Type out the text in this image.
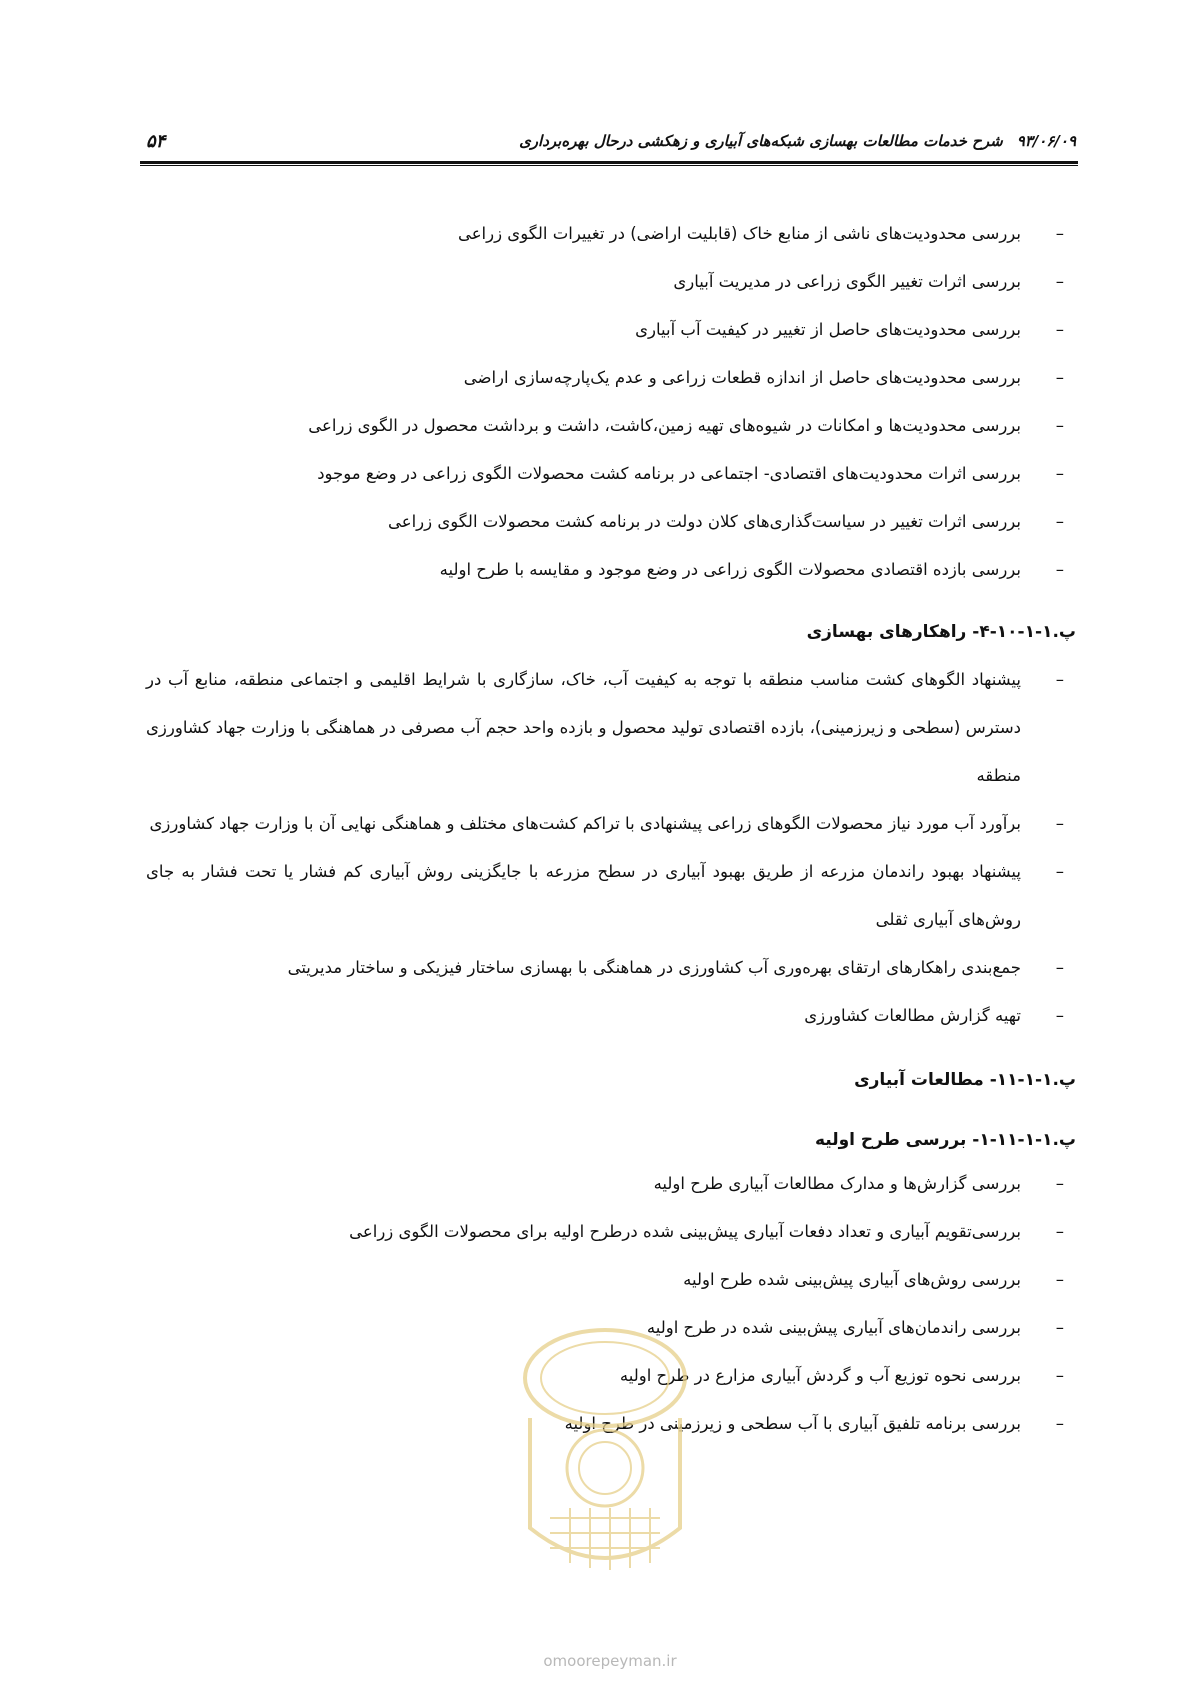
۹۳/۰۶/۰۹
شرح خدمات مطالعات بهسازی شبکه‌های آبیاری و زهکشی درحال بهره‌برداری
۵۴
– بررسی محدودیت‌های ناشی از منابع خاک (قابلیت اراضی) در تغییرات الگوی زراعی
– بررسی اثرات تغییر الگوی زراعی در مدیریت آبیاری
– بررسی محدودیت‌های حاصل از تغییر در کیفیت آب آبیاری
– بررسی محدودیت‌های حاصل از اندازه قطعات زراعی و عدم یک‌پارچه‌سازی اراضی
– بررسی محدودیت‌ها و امکانات در شیوه‌های تهیه زمین،کاشت، داشت و برداشت محصول در الگوی زراعی
– بررسی اثرات محدودیت‌های اقتصادی- اجتماعی در برنامه کشت محصولات الگوی زراعی در وضع موجود
– بررسی اثرات تغییر در سیاست‌گذاری‌های کلان دولت در برنامه کشت محصولات الگوی زراعی
– بررسی بازده اقتصادی محصولات الگوی زراعی در وضع موجود و مقایسه با طرح اولیه
پ.۱-۱-۱۰-۴- راهکارهای بهسازی
– پیشنهاد الگوهای کشت مناسب منطقه با توجه به کیفیت آب، خاک، سازگاری با شرایط اقلیمی و اجتماعی منطقه، منابع آب در دسترس (سطحی و زیرزمینی)، بازده اقتصادی تولید محصول و بازده واحد حجم آب مصرفی در هماهنگی با وزارت جهاد کشاورزی منطقه
– برآورد آب مورد نیاز محصولات الگوهای زراعی پیشنهادی با تراکم کشت‌های مختلف و هماهنگی نهایی آن با وزارت جهاد کشاورزی
– پیشنهاد بهبود راندمان مزرعه از طریق بهبود آبیاری در سطح مزرعه با جایگزینی روش آبیاری کم فشار یا تحت فشار به جای روش‌های آبیاری ثقلی
– جمع‌بندی راهکارهای ارتقای بهره‌وری آب کشاورزی در هماهنگی با بهسازی ساختار فیزیکی و ساختار مدیریتی
– تهیه گزارش مطالعات کشاورزی
پ.۱-۱-۱۱- مطالعات آبیاری
پ.۱-۱-۱۱-۱- بررسی طرح اولیه
– بررسی گزارش‌ها و مدارک مطالعات آبیاری طرح اولیه
– بررسی‌تقویم آبیاری و تعداد دفعات آبیاری پیش‌بینی شده درطرح اولیه برای محصولات الگوی زراعی
– بررسی روش‌های آبیاری پیش‌بینی شده طرح اولیه
– بررسی راندمان‌های آبیاری پیش‌بینی شده در طرح اولیه
– بررسی نحوه توزیع آب و گردش آبیاری مزارع در طرح اولیه
– بررسی برنامه تلفیق آبیاری با آب سطحی و زیرزمینی در طرح اولیه
omoorepeyman.ir
